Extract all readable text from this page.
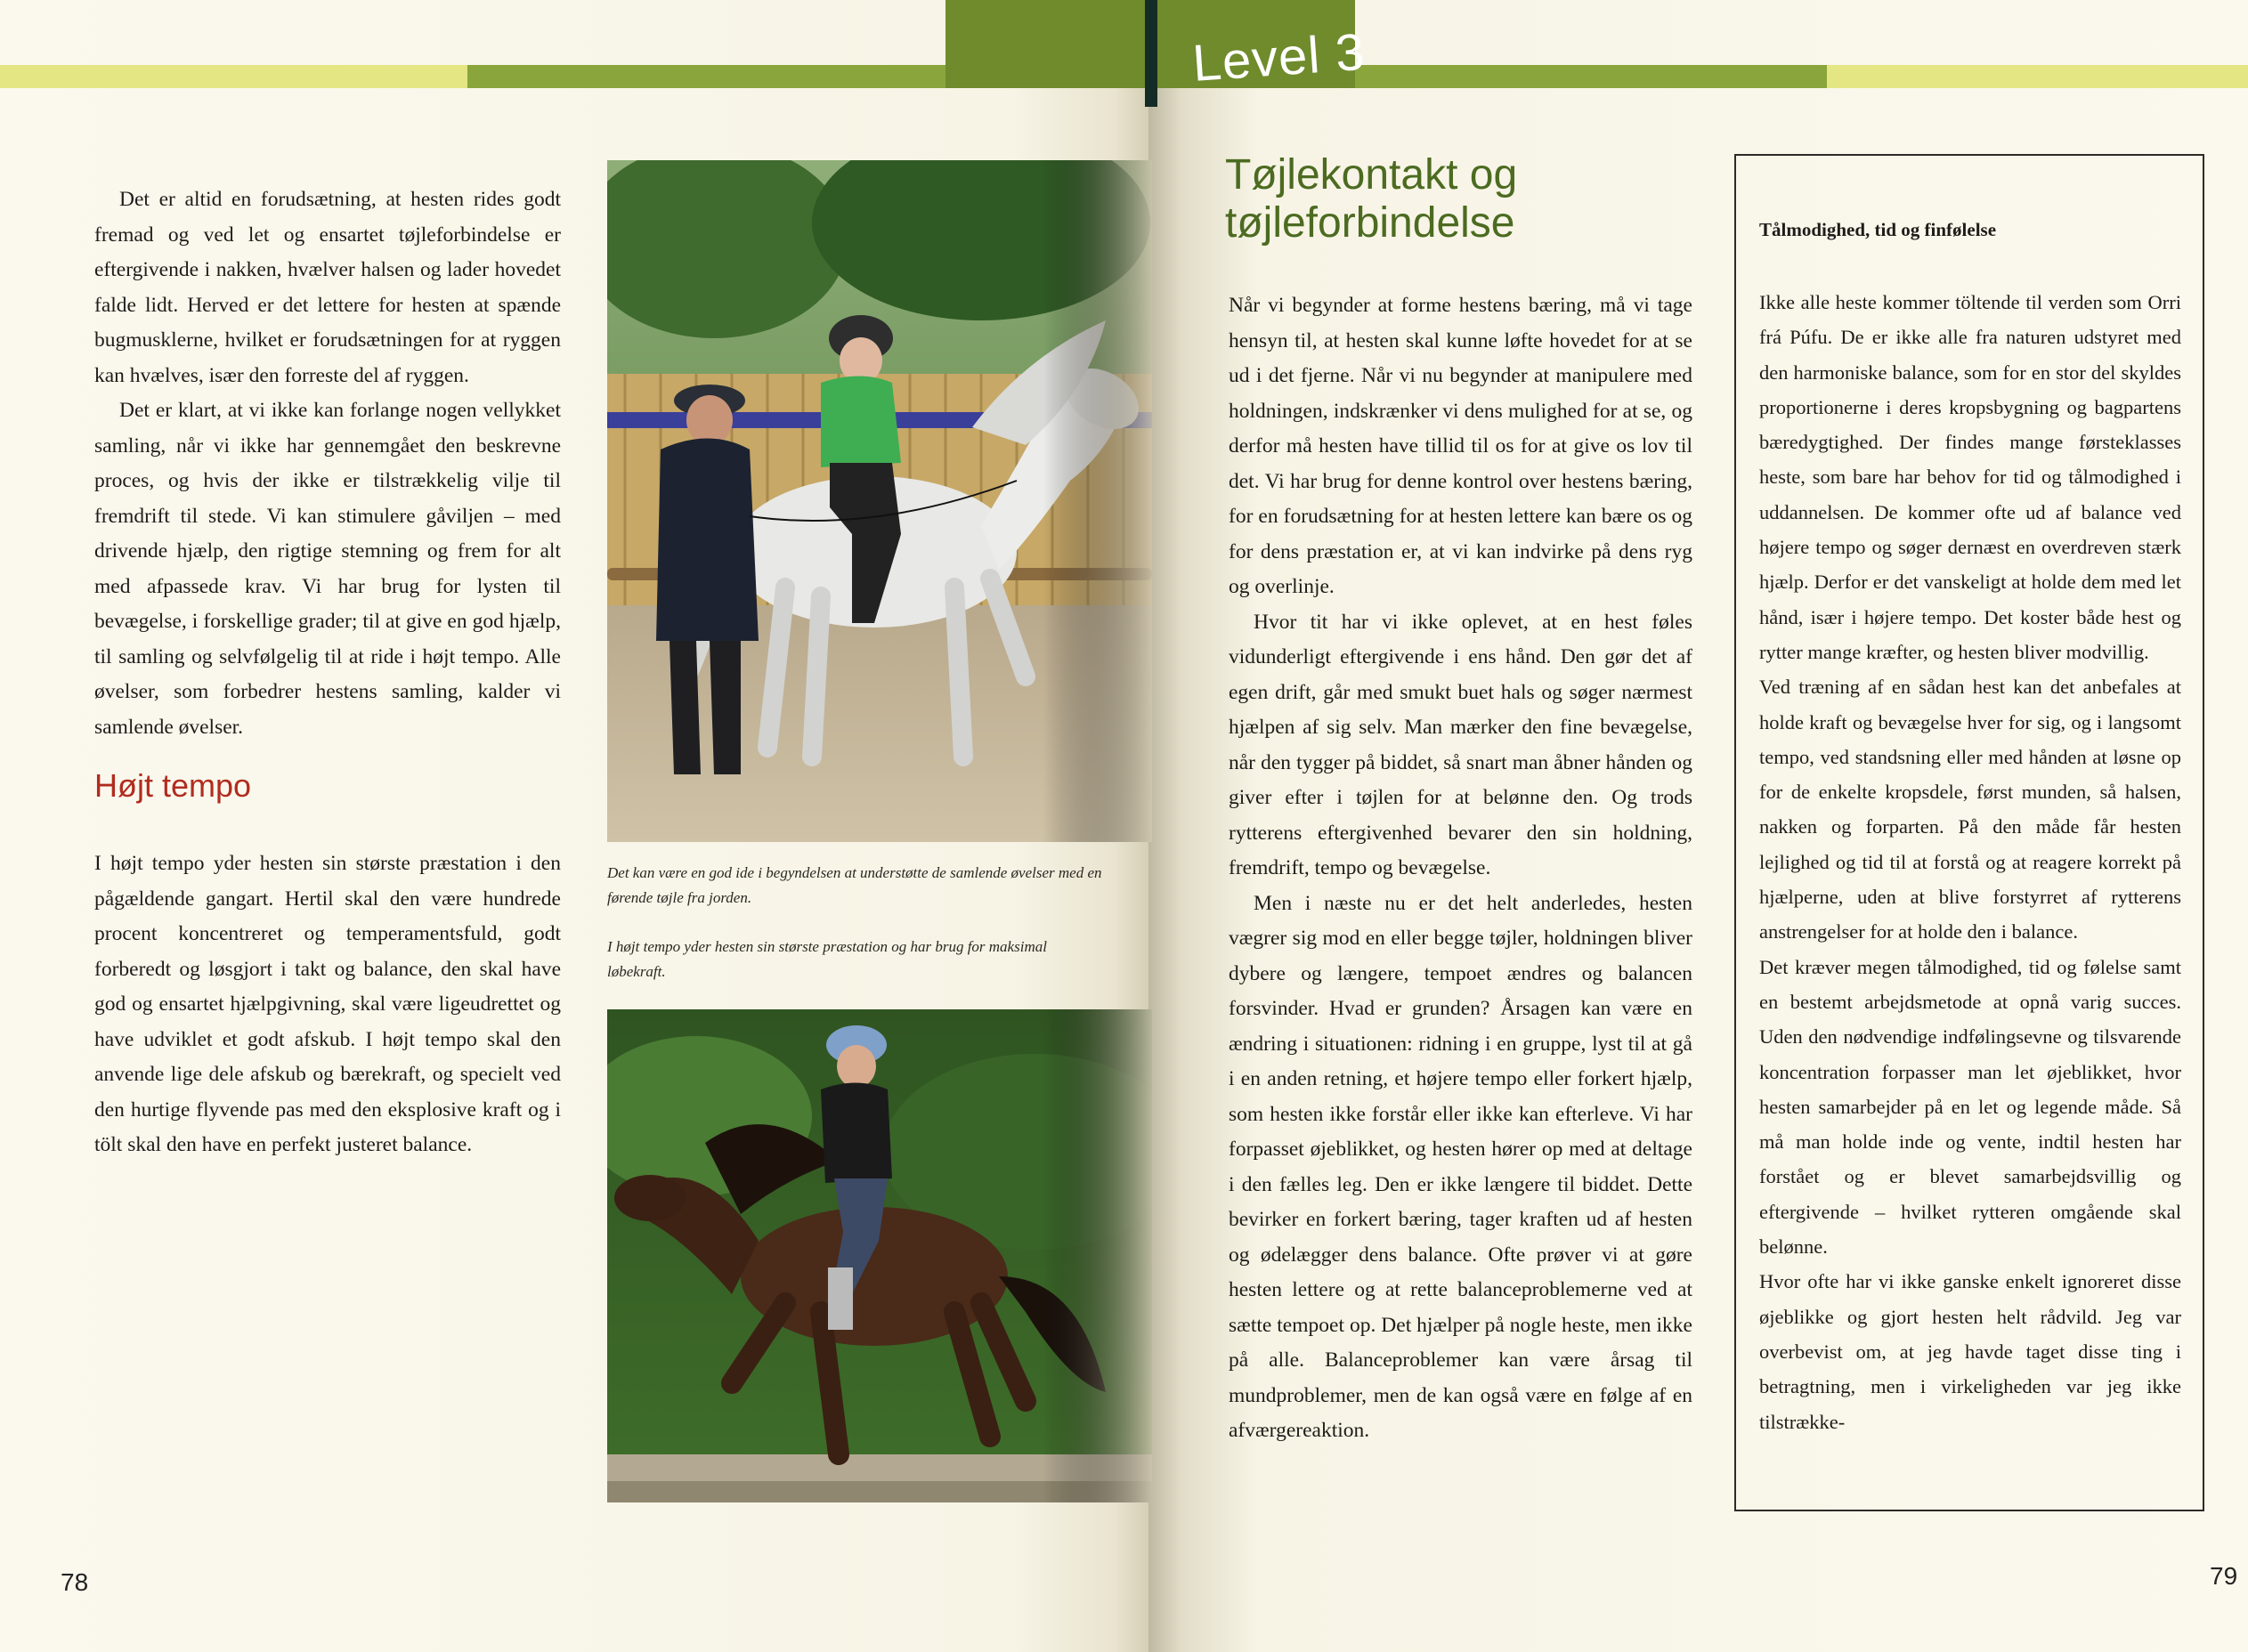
Level 3

Det er altid en forudsætning, at hesten rides godt fremad og ved let og ensartet tøjleforbindelse er eftergivende i nakken, hvælver halsen og lader hovedet falde lidt. Herved er det lettere for hesten at spænde bugmusklerne, hvilket er forudsætningen for at ryggen kan hvælves, især den forreste del af ryggen.

Det er klart, at vi ikke kan forlange nogen vellykket samling, når vi ikke har gennemgået den beskrevne proces, og hvis der ikke er tilstrækkelig vilje til fremdrift til stede. Vi kan stimulere gåviljen – med drivende hjælp, den rigtige stemning og frem for alt med afpassede krav. Vi har brug for lysten til bevægelse, i forskellige grader; til at give en god hjælp, til samling og selvfølgelig til at ride i højt tempo. Alle øvelser, som forbedrer hestens samling, kalder vi samlende øvelser.

Højt tempo

I højt tempo yder hesten sin største præstation i den pågældende gangart. Hertil skal den være hundrede procent koncentreret og temperamentsfuld, godt forberedt og løsgjort i takt og balance, den skal have god og ensartet hjælpgivning, skal være ligeudrettet og have udviklet et godt afskub. I højt tempo skal den anvende lige dele afskub og bærekraft, og specielt ved den hurtige flyvende pas med den eksplosive kraft og i tölt skal den have en perfekt justeret balance.

Det kan være en god ide i begyndelsen at understøtte de samlende øvelser med en førende tøjle fra jorden.

I højt tempo yder hesten sin største præstation og har brug for maksimal løbekraft.

78
Tøjlekontakt og
tøjleforbindelse

Når vi begynder at forme hestens bæring, må vi tage hensyn til, at hesten skal kunne løfte hovedet for at se ud i det fjerne. Når vi nu begynder at manipulere med holdningen, indskrænker vi dens mulighed for at se, og derfor må hesten have tillid til os for at give os lov til det. Vi har brug for denne kontrol over hestens bæring, for en forudsætning for at hesten lettere kan bære os og for dens præstation er, at vi kan indvirke på dens ryg og overlinje.

Hvor tit har vi ikke oplevet, at en hest føles vidunderligt eftergivende i ens hånd. Den gør det af egen drift, går med smukt buet hals og søger nærmest hjælpen af sig selv. Man mærker den fine bevægelse, når den tygger på biddet, så snart man åbner hånden og giver efter i tøjlen for at belønne den. Og trods rytterens eftergivenhed bevarer den sin holdning, fremdrift, tempo og bevægelse.

Men i næste nu er det helt anderledes, hesten vægrer sig mod en eller begge tøjler, holdningen bliver dybere og længere, tempoet ændres og balancen forsvinder. Hvad er grunden? Årsagen kan være en ændring i situationen: ridning i en gruppe, lyst til at gå i en anden retning, et højere tempo eller forkert hjælp, som hesten ikke forstår eller ikke kan efterleve. Vi har forpasset øjeblikket, og hesten hører op med at deltage i den fælles leg. Den er ikke længere til biddet. Dette bevirker en forkert bæring, tager kraften ud af hesten og ødelægger dens balance. Ofte prøver vi at gøre hesten lettere og at rette balanceproblemerne ved at sætte tempoet op. Det hjælper på nogle heste, men ikke på alle. Balanceproblemer kan være årsag til mundproblemer, men de kan også være en følge af en afværgereaktion.

Tålmodighed, tid og finfølelse

Ikke alle heste kommer töltende til verden som Orri frá Púfu. De er ikke alle fra naturen udstyret med den harmoniske balance, som for en stor del skyldes proportionerne i deres kropsbygning og bagpartens bæredygtighed. Der findes mange førsteklasses heste, som bare har behov for tid og tålmodighed i uddannelsen. De kommer ofte ud af balance ved højere tempo og søger dernæst en overdreven stærk hjælp. Derfor er det vanskeligt at holde dem med let hånd, især i højere tempo. Det koster både hest og rytter mange kræfter, og hesten bliver modvillig.

Ved træning af en sådan hest kan det anbefales at holde kraft og bevægelse hver for sig, og i langsomt tempo, ved standsning eller med hånden at løsne op for de enkelte kropsdele, først munden, så halsen, nakken og forparten. På den måde får hesten lejlighed og tid til at forstå og at reagere korrekt på hjælperne, uden at blive forstyrret af rytterens anstrengelser for at holde den i balance.

Det kræver megen tålmodighed, tid og følelse samt en bestemt arbejdsmetode at opnå varig succes. Uden den nødvendige indfølingsevne og tilsvarende koncentration forpasser man let øjeblikket, hvor hesten samarbejder på en let og legende måde. Så må man holde inde og vente, indtil hesten har forstået og er blevet samarbejdsvillig og eftergivende – hvilket rytteren omgående skal belønne.

Hvor ofte har vi ikke ganske enkelt ignoreret disse øjeblikke og gjort hesten helt rådvild. Jeg var overbevist om, at jeg havde taget disse ting i betragtning, men i virkeligheden var jeg ikke tilstrække-

79
